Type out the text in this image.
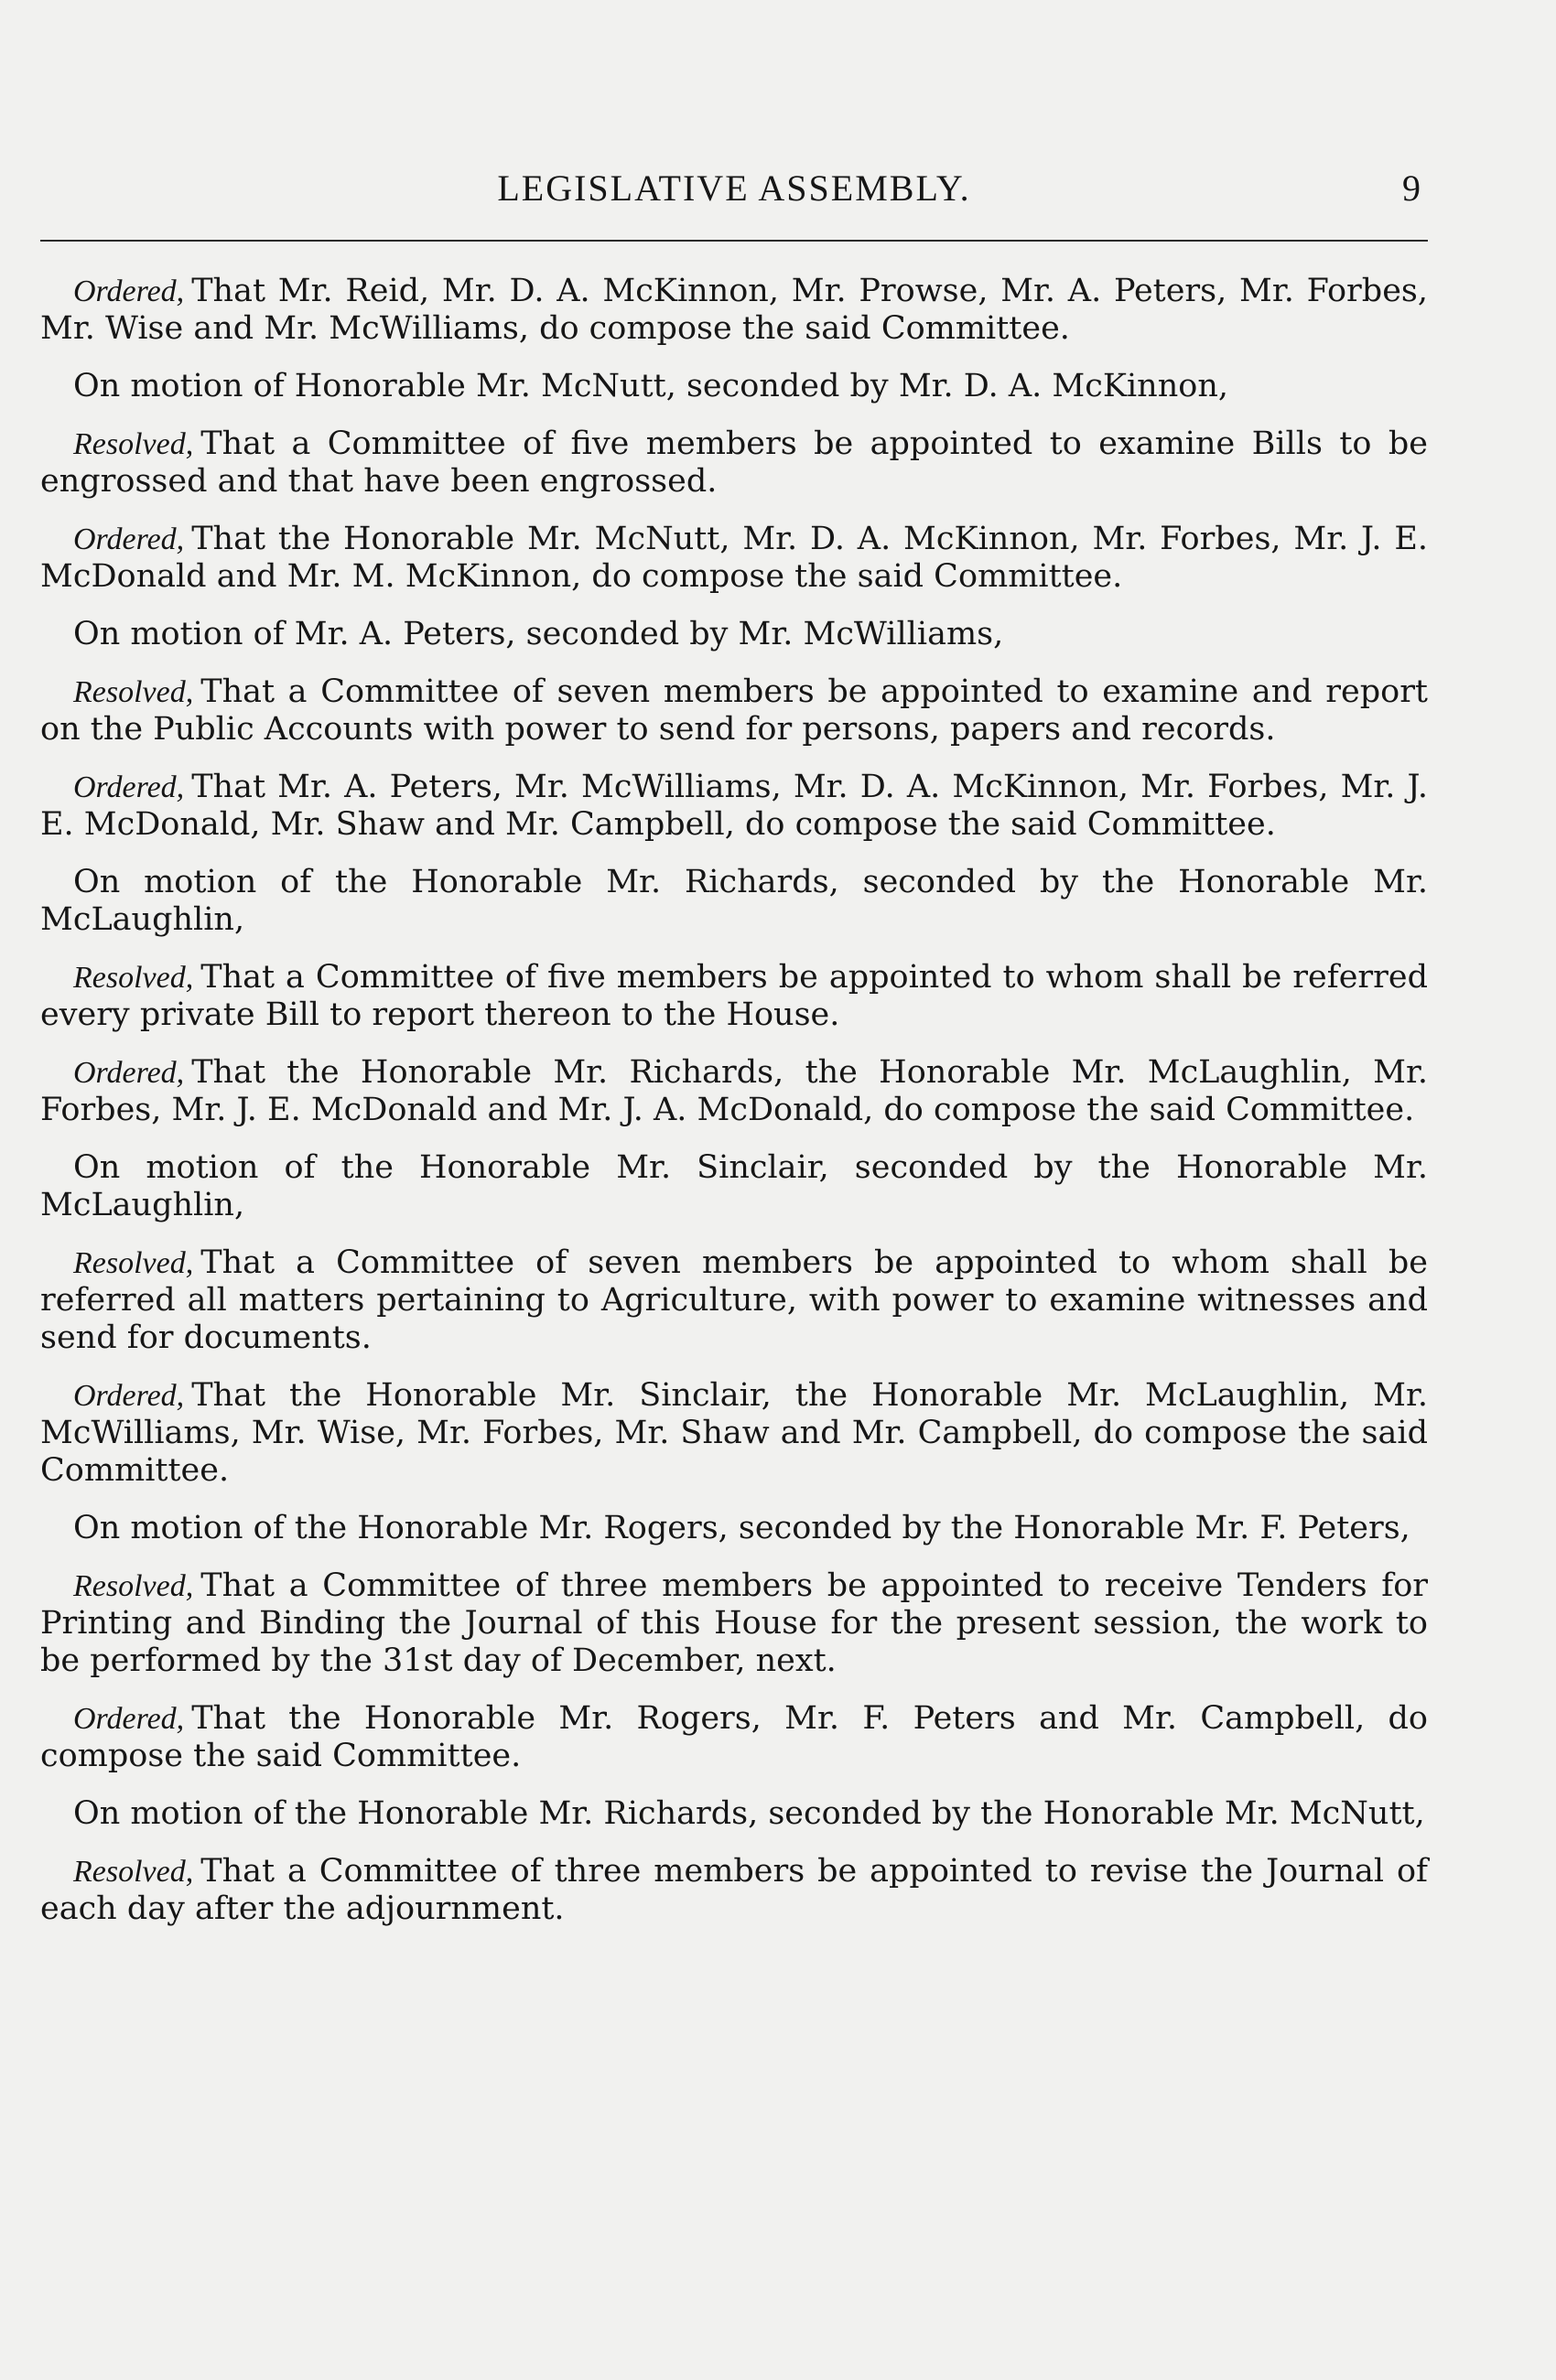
LEGISLATIVE ASSEMBLY.	9

Ordered, That Mr. Reid, Mr. D. A. McKinnon, Mr. Prowse, Mr. A. Peters, Mr. Forbes, Mr. Wise and Mr. McWilliams, do compose the said Committee.

On motion of Honorable Mr. McNutt, seconded by Mr. D. A. McKinnon,

Resolved, That a Committee of five members be appointed to examine Bills to be engrossed and that have been engrossed.

Ordered, That the Honorable Mr. McNutt, Mr. D. A. McKinnon, Mr. Forbes, Mr. J. E. McDonald and Mr. M. McKinnon, do compose the said Committee.

On motion of Mr. A. Peters, seconded by Mr. McWilliams,

Resolved, That a Committee of seven members be appointed to examine and report on the Public Accounts with power to send for persons, papers and records.

Ordered, That Mr. A. Peters, Mr. McWilliams, Mr. D. A. McKinnon, Mr. Forbes, Mr. J. E. McDonald, Mr. Shaw and Mr. Campbell, do compose the said Committee.

On motion of the Honorable Mr. Richards, seconded by the Honorable Mr. McLaughlin,

Resolved, That a Committee of five members be appointed to whom shall be referred every private Bill to report thereon to the House.

Ordered, That the Honorable Mr. Richards, the Honorable Mr. McLaughlin, Mr. Forbes, Mr. J. E. McDonald and Mr. J. A. McDonald, do compose the said Committee.

On motion of the Honorable Mr. Sinclair, seconded by the Honorable Mr. McLaughlin,

Resolved, That a Committee of seven members be appointed to whom shall be referred all matters pertaining to Agriculture, with power to examine witnesses and send for documents.

Ordered, That the Honorable Mr. Sinclair, the Honorable Mr. McLaughlin, Mr. McWilliams, Mr. Wise, Mr. Forbes, Mr. Shaw and Mr. Campbell, do compose the said Committee.

On motion of the Honorable Mr. Rogers, seconded by the Honorable Mr. F. Peters,

Resolved, That a Committee of three members be appointed to receive Tenders for Printing and Binding the Journal of this House for the present session, the work to be performed by the 31st day of December, next.

Ordered, That the Honorable Mr. Rogers, Mr. F. Peters and Mr. Campbell, do compose the said Committee.

On motion of the Honorable Mr. Richards, seconded by the Honorable Mr. McNutt,

Resolved, That a Committee of three members be appointed to revise the Journal of each day after the adjournment.
